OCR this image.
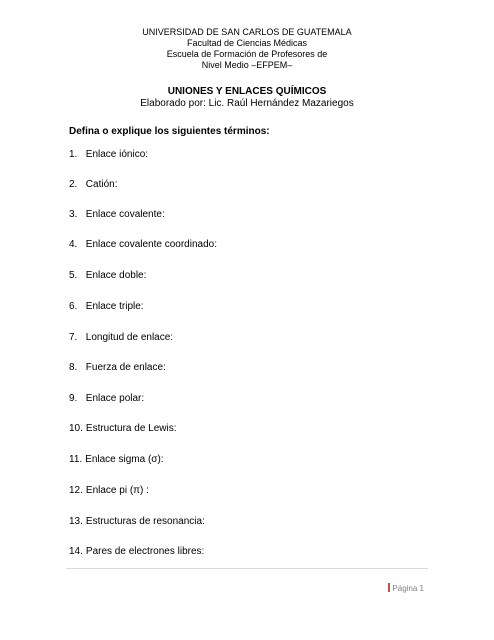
UNIVERSIDAD DE SAN CARLOS DE GUATEMALA
Facultad de Ciencias Médicas
Escuela de Formación de Profesores de
Nivel Medio –EFPEM–
UNIONES Y ENLACES QUÍMICOS
Elaborado por: Lic. Raúl Hernández Mazariegos
Defina o explique los siguientes términos:
1. Enlace iónico:
2. Catión:
3. Enlace covalente:
4. Enlace covalente coordinado:
5. Enlace doble:
6. Enlace triple:
7. Longitud de enlace:
8. Fuerza de enlace:
9. Enlace polar:
10. Estructura de Lewis:
11. Enlace sigma (σ):
12. Enlace pi (π) :
13. Estructuras de resonancia:
14. Pares de electrones libres:
Página 1
